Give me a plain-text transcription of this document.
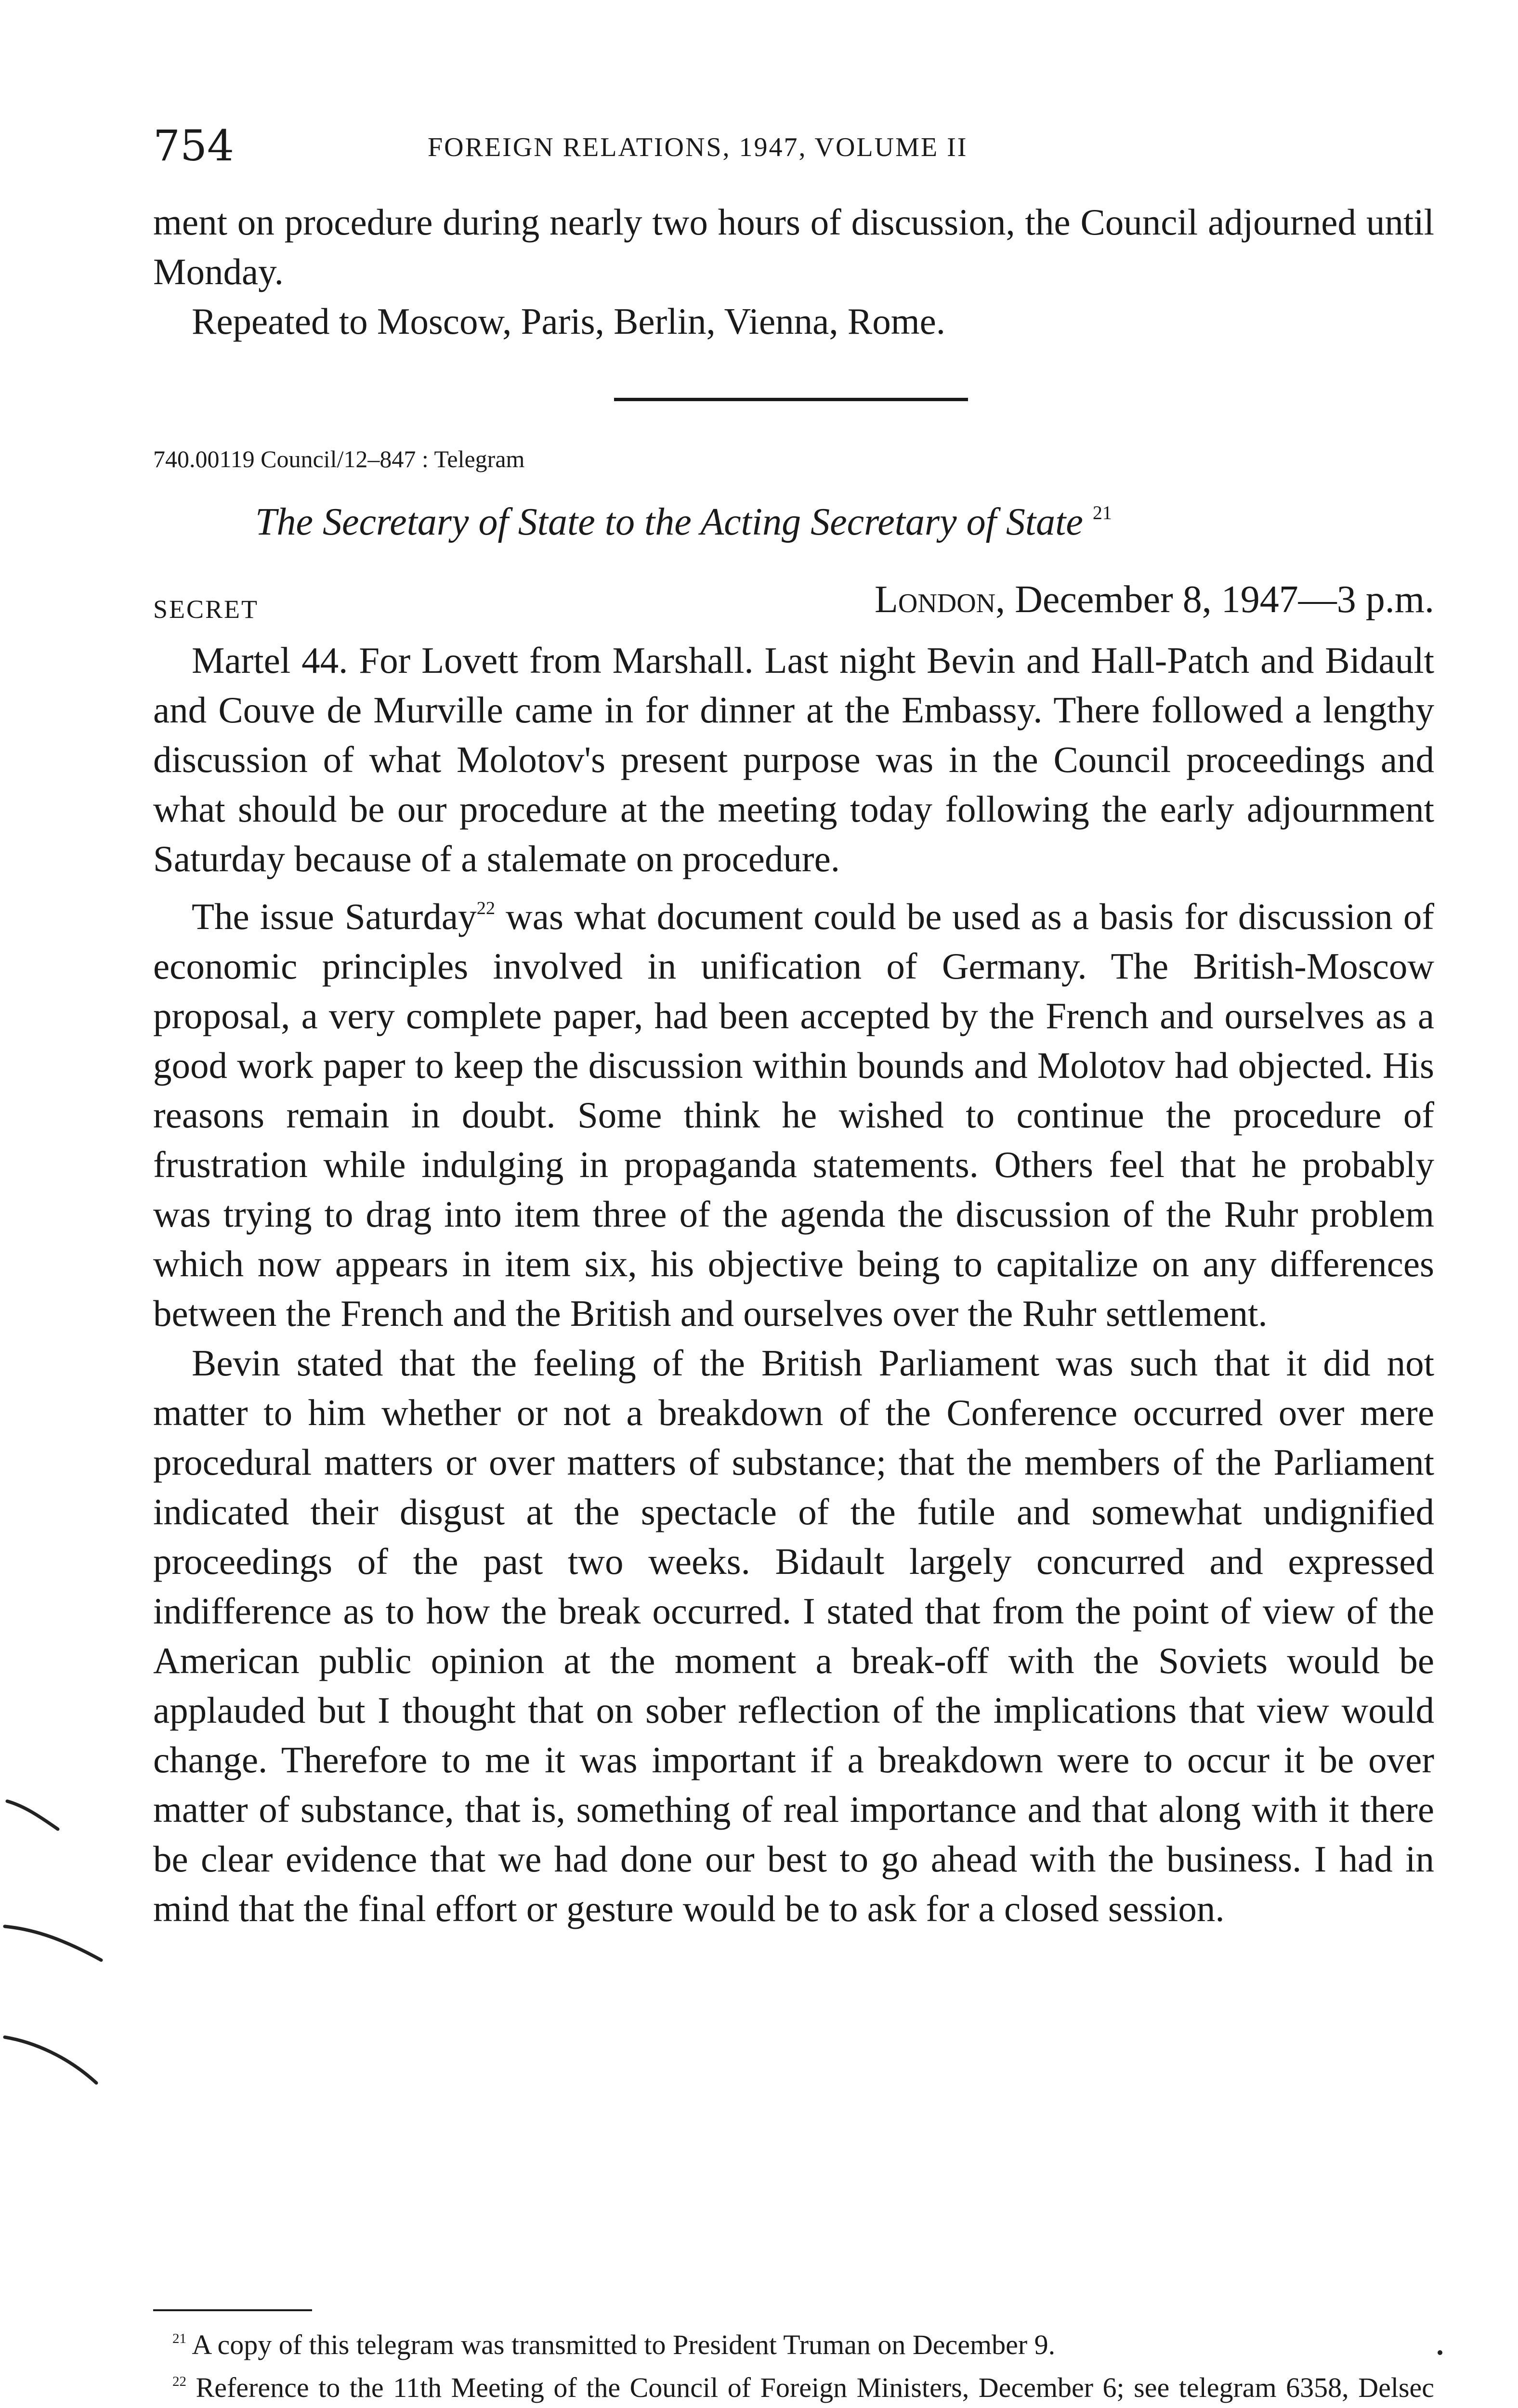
754	FOREIGN RELATIONS, 1947, VOLUME II

ment on procedure during nearly two hours of discussion, the Council adjourned until Monday.

Repeated to Moscow, Paris, Berlin, Vienna, Rome.

740.00119 Council/12–847 : Telegram
The Secretary of State to the Acting Secretary of State $^{21}$
SECRET	London, December 8, 1947—3 p.m.

Martel 44. For Lovett from Marshall. Last night Bevin and Hall-Patch and Bidault and Couve de Murville came in for dinner at the Embassy. There followed a lengthy discussion of what Molotov's present purpose was in the Council proceedings and what should be our procedure at the meeting today following the early adjournment Saturday because of a stalemate on procedure.

The issue Saturday$^{22}$ was what document could be used as a basis for discussion of economic principles involved in unification of Germany. The British-Moscow proposal, a very complete paper, had been accepted by the French and ourselves as a good work paper to keep the discussion within bounds and Molotov had objected. His reasons remain in doubt. Some think he wished to continue the procedure of frustration while indulging in propaganda statements. Others feel that he probably was trying to drag into item three of the agenda the discussion of the Ruhr problem which now appears in item six, his objective being to capitalize on any differences between the French and the British and ourselves over the Ruhr settlement.

Bevin stated that the feeling of the British Parliament was such that it did not matter to him whether or not a breakdown of the Conference occurred over mere procedural matters or over matters of substance; that the members of the Parliament indicated their disgust at the spectacle of the futile and somewhat undignified proceedings of the past two weeks. Bidault largely concurred and expressed indifference as to how the break occurred. I stated that from the point of view of the American public opinion at the moment a break-off with the Soviets would be applauded but I thought that on sober reflection of the implications that view would change. Therefore to me it was important if a breakdown were to occur it be over matter of substance, that is, something of real importance and that along with it there be clear evidence that we had done our best to go ahead with the business. I had in mind that the final effort or gesture would be to ask for a closed session.

$^{21}$ A copy of this telegram was transmitted to President Truman on December 9.

$^{22}$ Reference to the 11th Meeting of the Council of Foreign Ministers, December 6; see telegram 6358, Delsec
